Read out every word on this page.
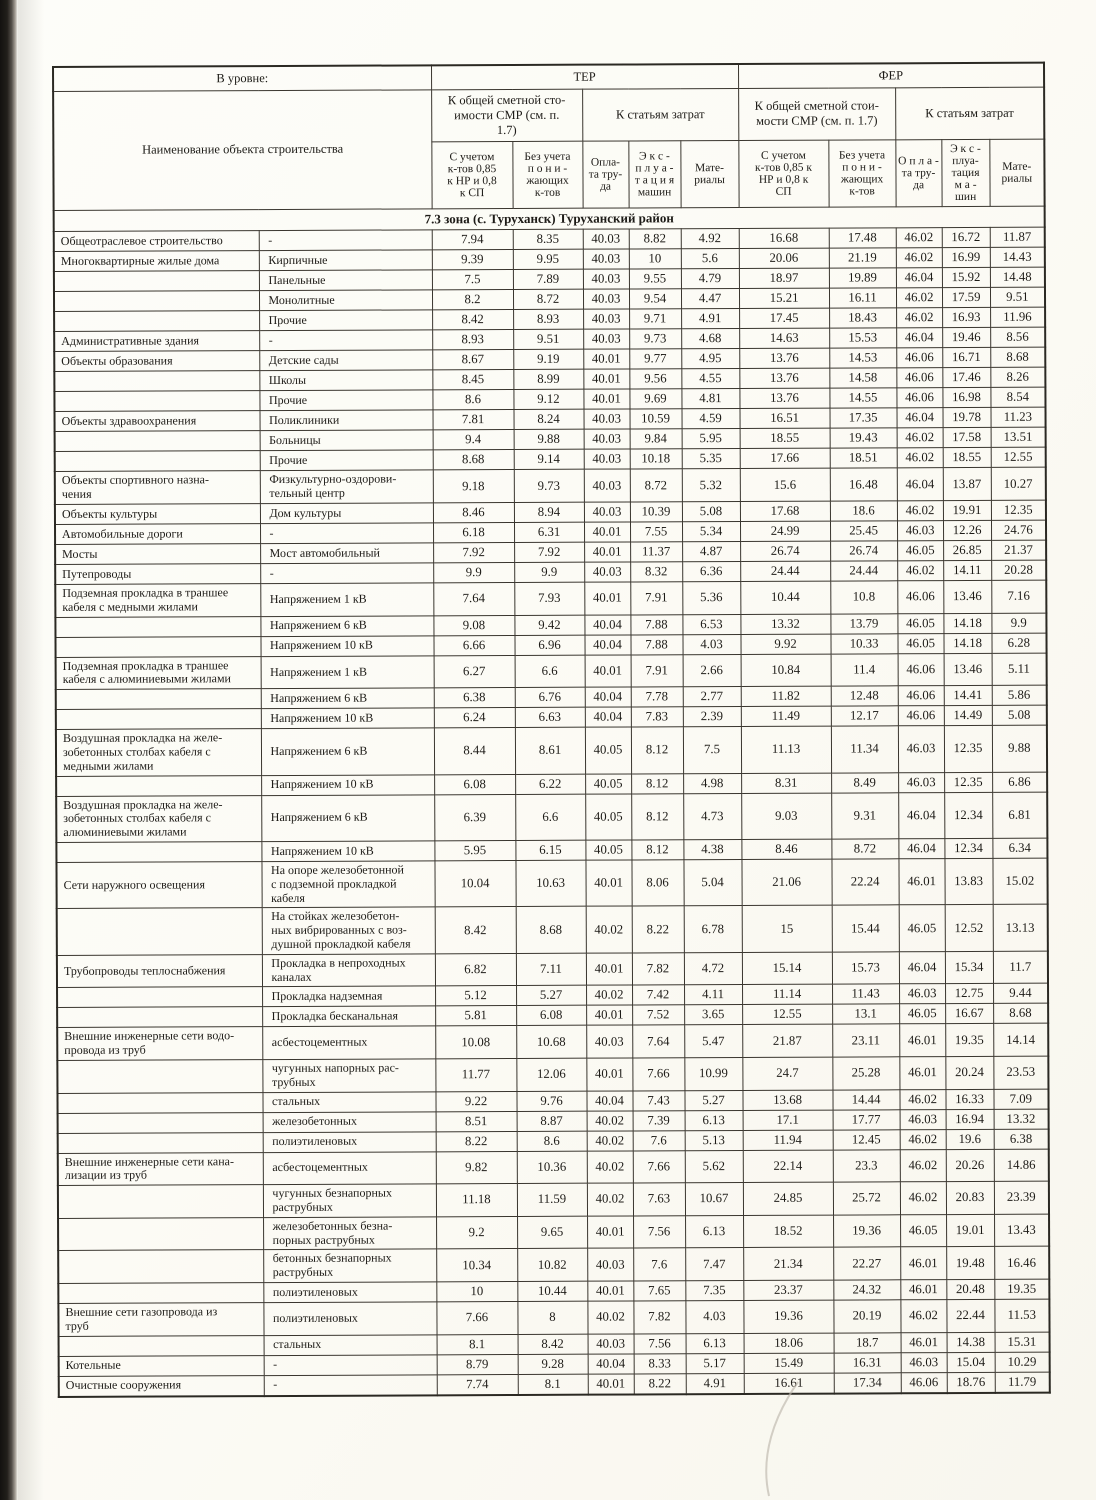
В уровне:		ТЕР					ФЕР				
Наименование объекта строительства		К общей сметной сто-
имости СМР (см. п.
1.7)		К статьям затрат			К общей сметной стои-
мости СМР (см. п. 1.7)		К статьям затрат		
		С учетом
к-тов 0,85
к НР и 0,8
к СП	Без учета
п о н и -
жающих
к-тов	Опла-
та тру-
да	Э к с -
п л у а -
т а ц и я
машин	Мате-
риалы	С учетом
к-тов 0,85 к
НР и 0,8 к
СП	Без учета
п о н и -
жающих
к-тов	О п л а -
та тру-
да	Э к с -
плуа-
тация
м а -
шин	Мате-
риалы
7.3 зона (с. Туруханск) Туруханский район											
Общеотраслевое строительство	-	7.94	8.35	40.03	8.82	4.92	16.68	17.48	46.02	16.72	11.87
Многоквартирные жилые дома	Кирпичные	9.39	9.95	40.03	10	5.6	20.06	21.19	46.02	16.99	14.43
	Панельные	7.5	7.89	40.03	9.55	4.79	18.97	19.89	46.04	15.92	14.48
	Монолитные	8.2	8.72	40.03	9.54	4.47	15.21	16.11	46.02	17.59	9.51
	Прочие	8.42	8.93	40.03	9.71	4.91	17.45	18.43	46.02	16.93	11.96
Административные здания	-	8.93	9.51	40.03	9.73	4.68	14.63	15.53	46.04	19.46	8.56
Объекты образования	Детские сады	8.67	9.19	40.01	9.77	4.95	13.76	14.53	46.06	16.71	8.68
	Школы	8.45	8.99	40.01	9.56	4.55	13.76	14.58	46.06	17.46	8.26
	Прочие	8.6	9.12	40.01	9.69	4.81	13.76	14.55	46.06	16.98	8.54
Объекты здравоохранения	Поликлиники	7.81	8.24	40.03	10.59	4.59	16.51	17.35	46.04	19.78	11.23
	Больницы	9.4	9.88	40.03	9.84	5.95	18.55	19.43	46.02	17.58	13.51
	Прочие	8.68	9.14	40.03	10.18	5.35	17.66	18.51	46.02	18.55	12.55
Объекты спортивного назна-
чения	Физкультурно-оздорови-
тельный центр	9.18	9.73	40.03	8.72	5.32	15.6	16.48	46.04	13.87	10.27
Объекты культуры	Дом культуры	8.46	8.94	40.03	10.39	5.08	17.68	18.6	46.02	19.91	12.35
Автомобильные дороги	-	6.18	6.31	40.01	7.55	5.34	24.99	25.45	46.03	12.26	24.76
Мосты	Мост автомобильный	7.92	7.92	40.01	11.37	4.87	26.74	26.74	46.05	26.85	21.37
Путепроводы	-	9.9	9.9	40.03	8.32	6.36	24.44	24.44	46.02	14.11	20.28
Подземная прокладка в траншее
кабеля с медными жилами	Напряжением 1 кВ	7.64	7.93	40.01	7.91	5.36	10.44	10.8	46.06	13.46	7.16
	Напряжением 6 кВ	9.08	9.42	40.04	7.88	6.53	13.32	13.79	46.05	14.18	9.9
	Напряжением 10 кВ	6.66	6.96	40.04	7.88	4.03	9.92	10.33	46.05	14.18	6.28
Подземная прокладка в траншее
кабеля с алюминиевыми жилами	Напряжением 1 кВ	6.27	6.6	40.01	7.91	2.66	10.84	11.4	46.06	13.46	5.11
	Напряжением 6 кВ	6.38	6.76	40.04	7.78	2.77	11.82	12.48	46.06	14.41	5.86
	Напряжением 10 кВ	6.24	6.63	40.04	7.83	2.39	11.49	12.17	46.06	14.49	5.08
Воздушная прокладка на желе-
зобетонных столбах кабеля с
медными жилами	Напряжением 6 кВ	8.44	8.61	40.05	8.12	7.5	11.13	11.34	46.03	12.35	9.88
	Напряжением 10 кВ	6.08	6.22	40.05	8.12	4.98	8.31	8.49	46.03	12.35	6.86
Воздушная прокладка на желе-
зобетонных столбах кабеля с
алюминиевыми жилами	Напряжением 6 кВ	6.39	6.6	40.05	8.12	4.73	9.03	9.31	46.04	12.34	6.81
	Напряжением 10 кВ	5.95	6.15	40.05	8.12	4.38	8.46	8.72	46.04	12.34	6.34
Сети наружного освещения	На опоре железобетонной
с подземной прокладкой
кабеля	10.04	10.63	40.01	8.06	5.04	21.06	22.24	46.01	13.83	15.02
	На стойках железобетон-
ных вибрированных с воз-
душной прокладкой кабеля	8.42	8.68	40.02	8.22	6.78	15	15.44	46.05	12.52	13.13
Трубопроводы теплоснабжения	Прокладка в непроходных
каналах	6.82	7.11	40.01	7.82	4.72	15.14	15.73	46.04	15.34	11.7
	Прокладка надземная	5.12	5.27	40.02	7.42	4.11	11.14	11.43	46.03	12.75	9.44
	Прокладка бесканальная	5.81	6.08	40.01	7.52	3.65	12.55	13.1	46.05	16.67	8.68
Внешние инженерные сети водо-
провода из труб	асбестоцементных	10.08	10.68	40.03	7.64	5.47	21.87	23.11	46.01	19.35	14.14
	чугунных напорных рас-
трубных	11.77	12.06	40.01	7.66	10.99	24.7	25.28	46.01	20.24	23.53
	стальных	9.22	9.76	40.04	7.43	5.27	13.68	14.44	46.02	16.33	7.09
	железобетонных	8.51	8.87	40.02	7.39	6.13	17.1	17.77	46.03	16.94	13.32
	полиэтиленовых	8.22	8.6	40.02	7.6	5.13	11.94	12.45	46.02	19.6	6.38
Внешние инженерные сети кана-
лизации из труб	асбестоцементных	9.82	10.36	40.02	7.66	5.62	22.14	23.3	46.02	20.26	14.86
	чугунных безнапорных
раструбных	11.18	11.59	40.02	7.63	10.67	24.85	25.72	46.02	20.83	23.39
	железобетонных безна-
порных раструбных	9.2	9.65	40.01	7.56	6.13	18.52	19.36	46.05	19.01	13.43
	бетонных безнапорных
раструбных	10.34	10.82	40.03	7.6	7.47	21.34	22.27	46.01	19.48	16.46
	полиэтиленовых	10	10.44	40.01	7.65	7.35	23.37	24.32	46.01	20.48	19.35
Внешние сети газопровода из
труб	полиэтиленовых	7.66	8	40.02	7.82	4.03	19.36	20.19	46.02	22.44	11.53
	стальных	8.1	8.42	40.03	7.56	6.13	18.06	18.7	46.01	14.38	15.31
Котельные	-	8.79	9.28	40.04	8.33	5.17	15.49	16.31	46.03	15.04	10.29
Очистные сооружения	-	7.74	8.1	40.01	8.22	4.91	16.61	17.34	46.06	18.76	11.79
